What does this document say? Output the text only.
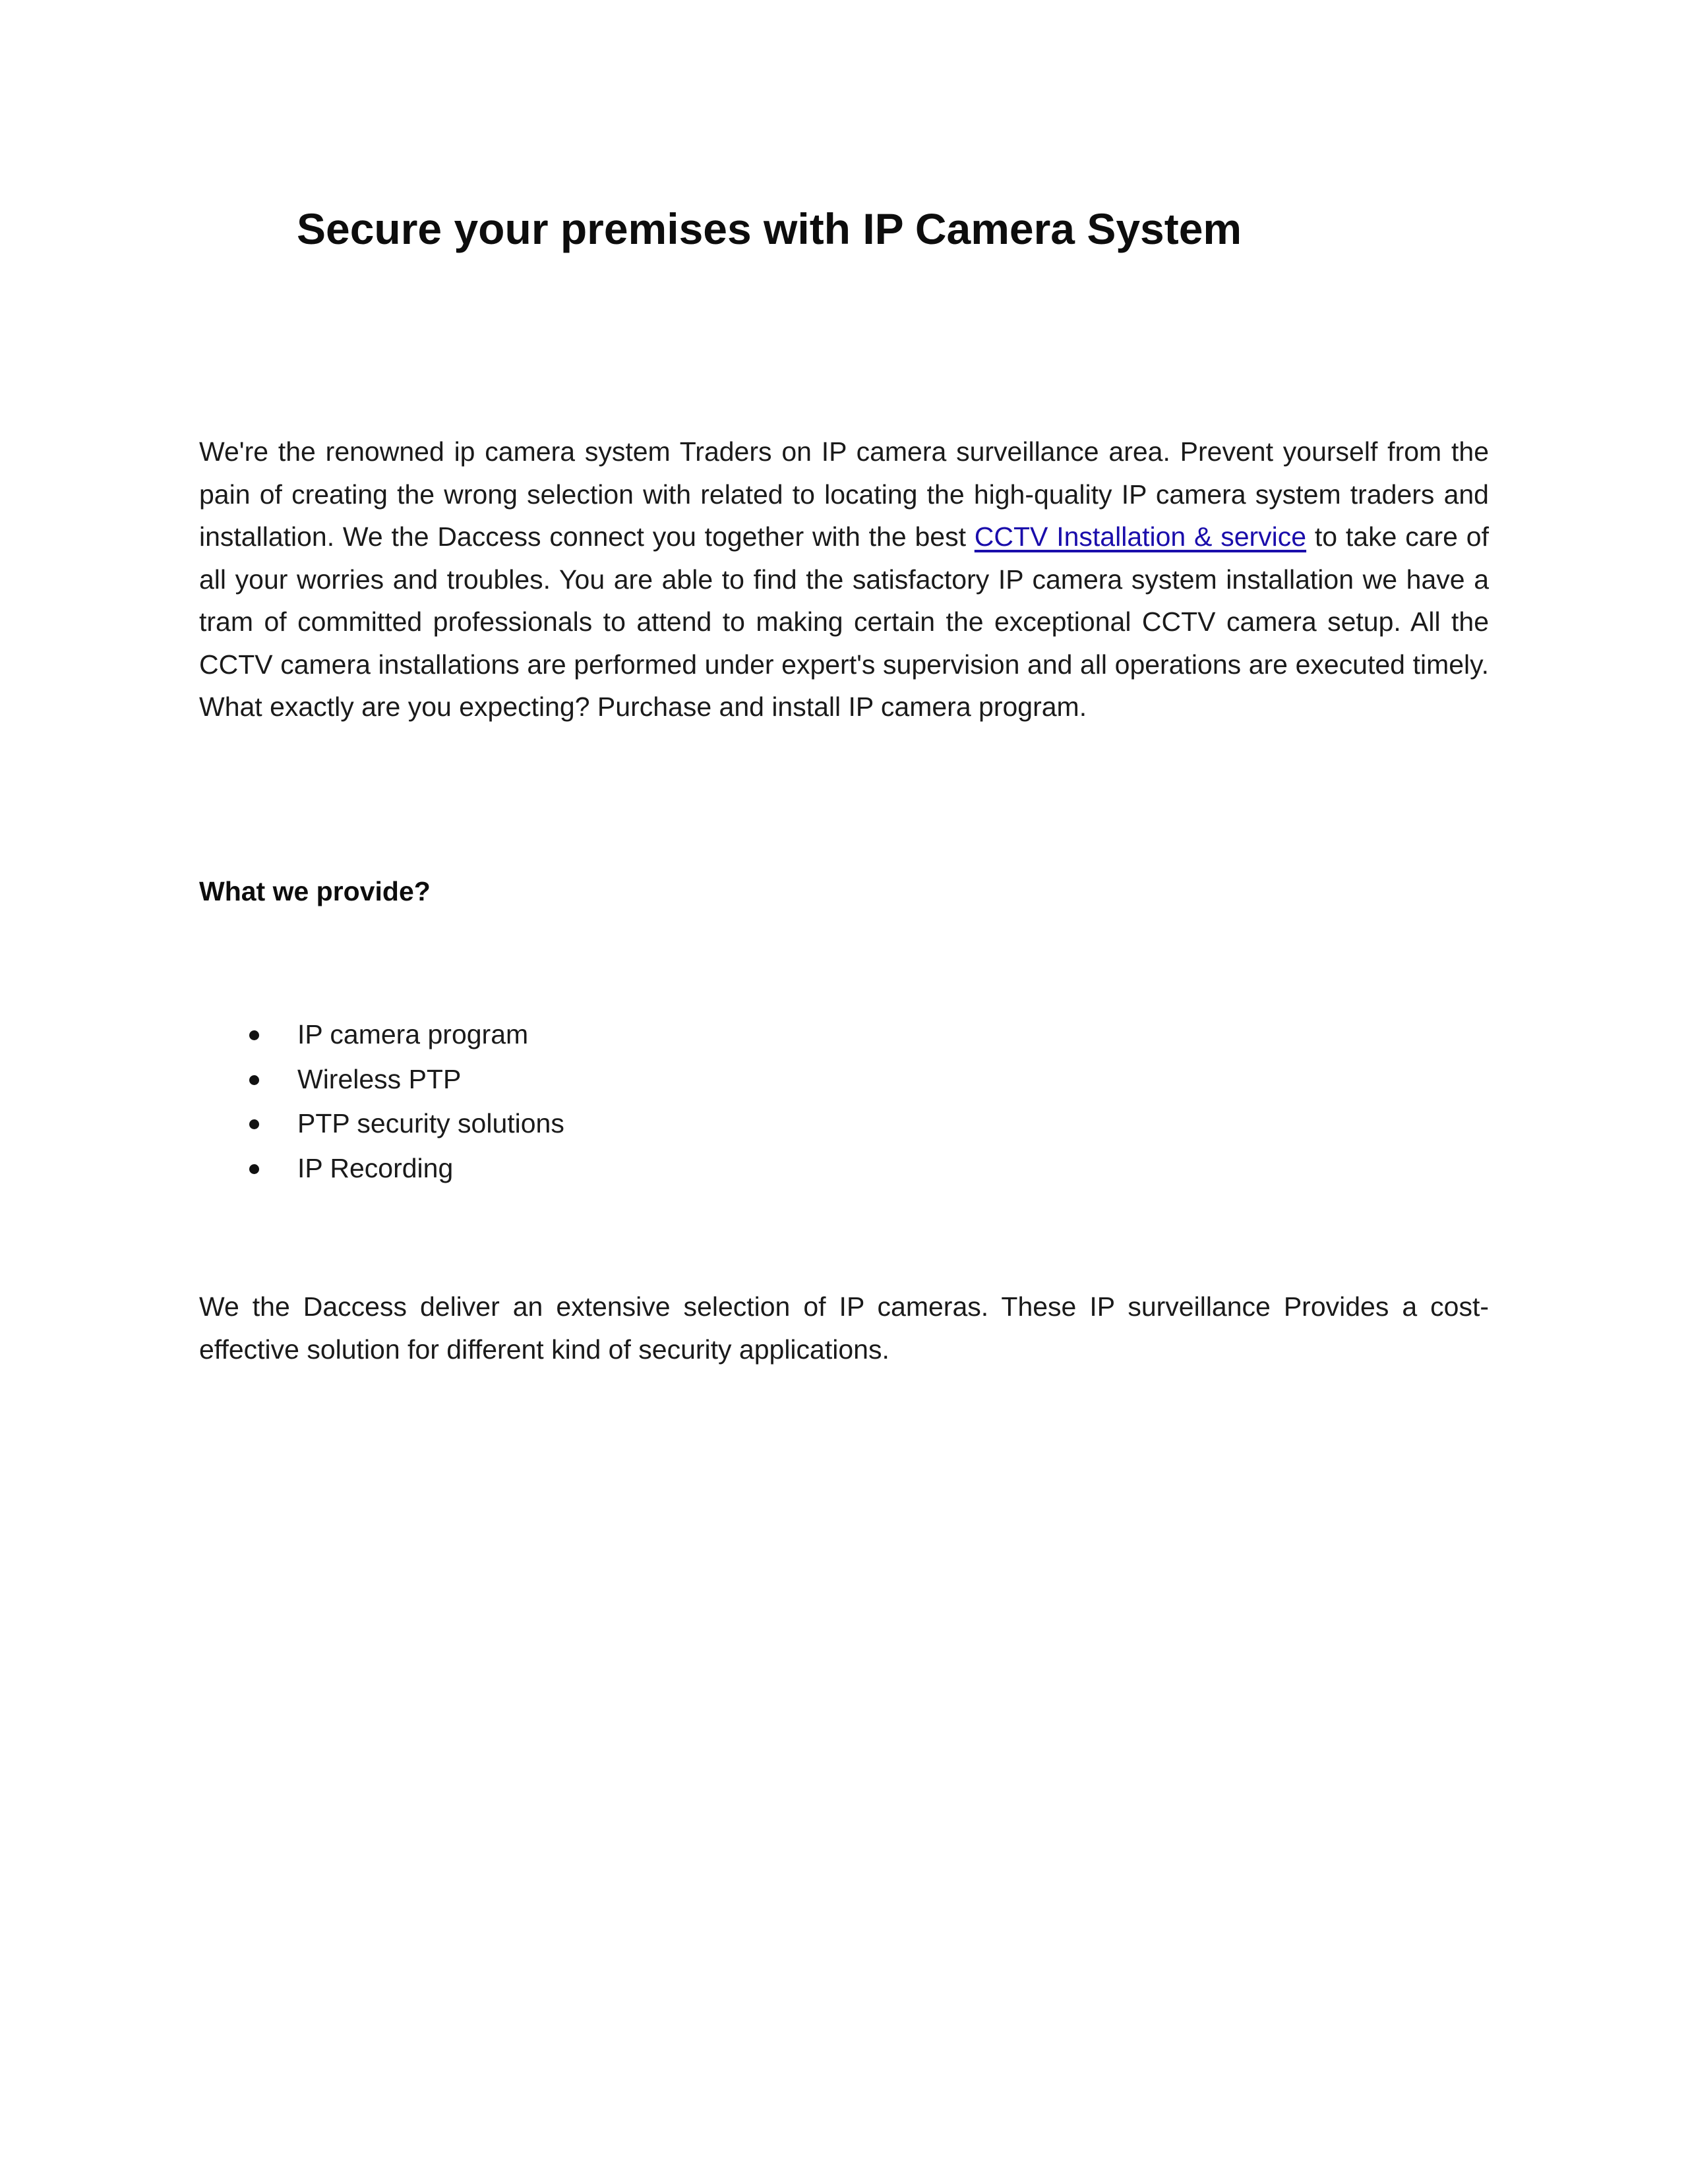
Secure your premises with IP Camera System

We're the renowned ip camera system Traders on IP camera surveillance area. Prevent yourself from the pain of creating the wrong selection with related to locating the high-quality IP camera system traders and installation. We the Daccess connect you together with the best CCTV Installation & service to take care of all your worries and troubles. You are able to find the satisfactory IP camera system installation we have a tram of committed professionals to attend to making certain the exceptional CCTV camera setup. All the CCTV camera installations are performed under expert's supervision and all operations are executed timely. What exactly are you expecting? Purchase and install IP camera program.

What we provide?
IP camera program
Wireless PTP
PTP security solutions
IP Recording

We the Daccess deliver an extensive selection of IP cameras. These IP surveillance Provides a cost-effective solution for different kind of security applications.
